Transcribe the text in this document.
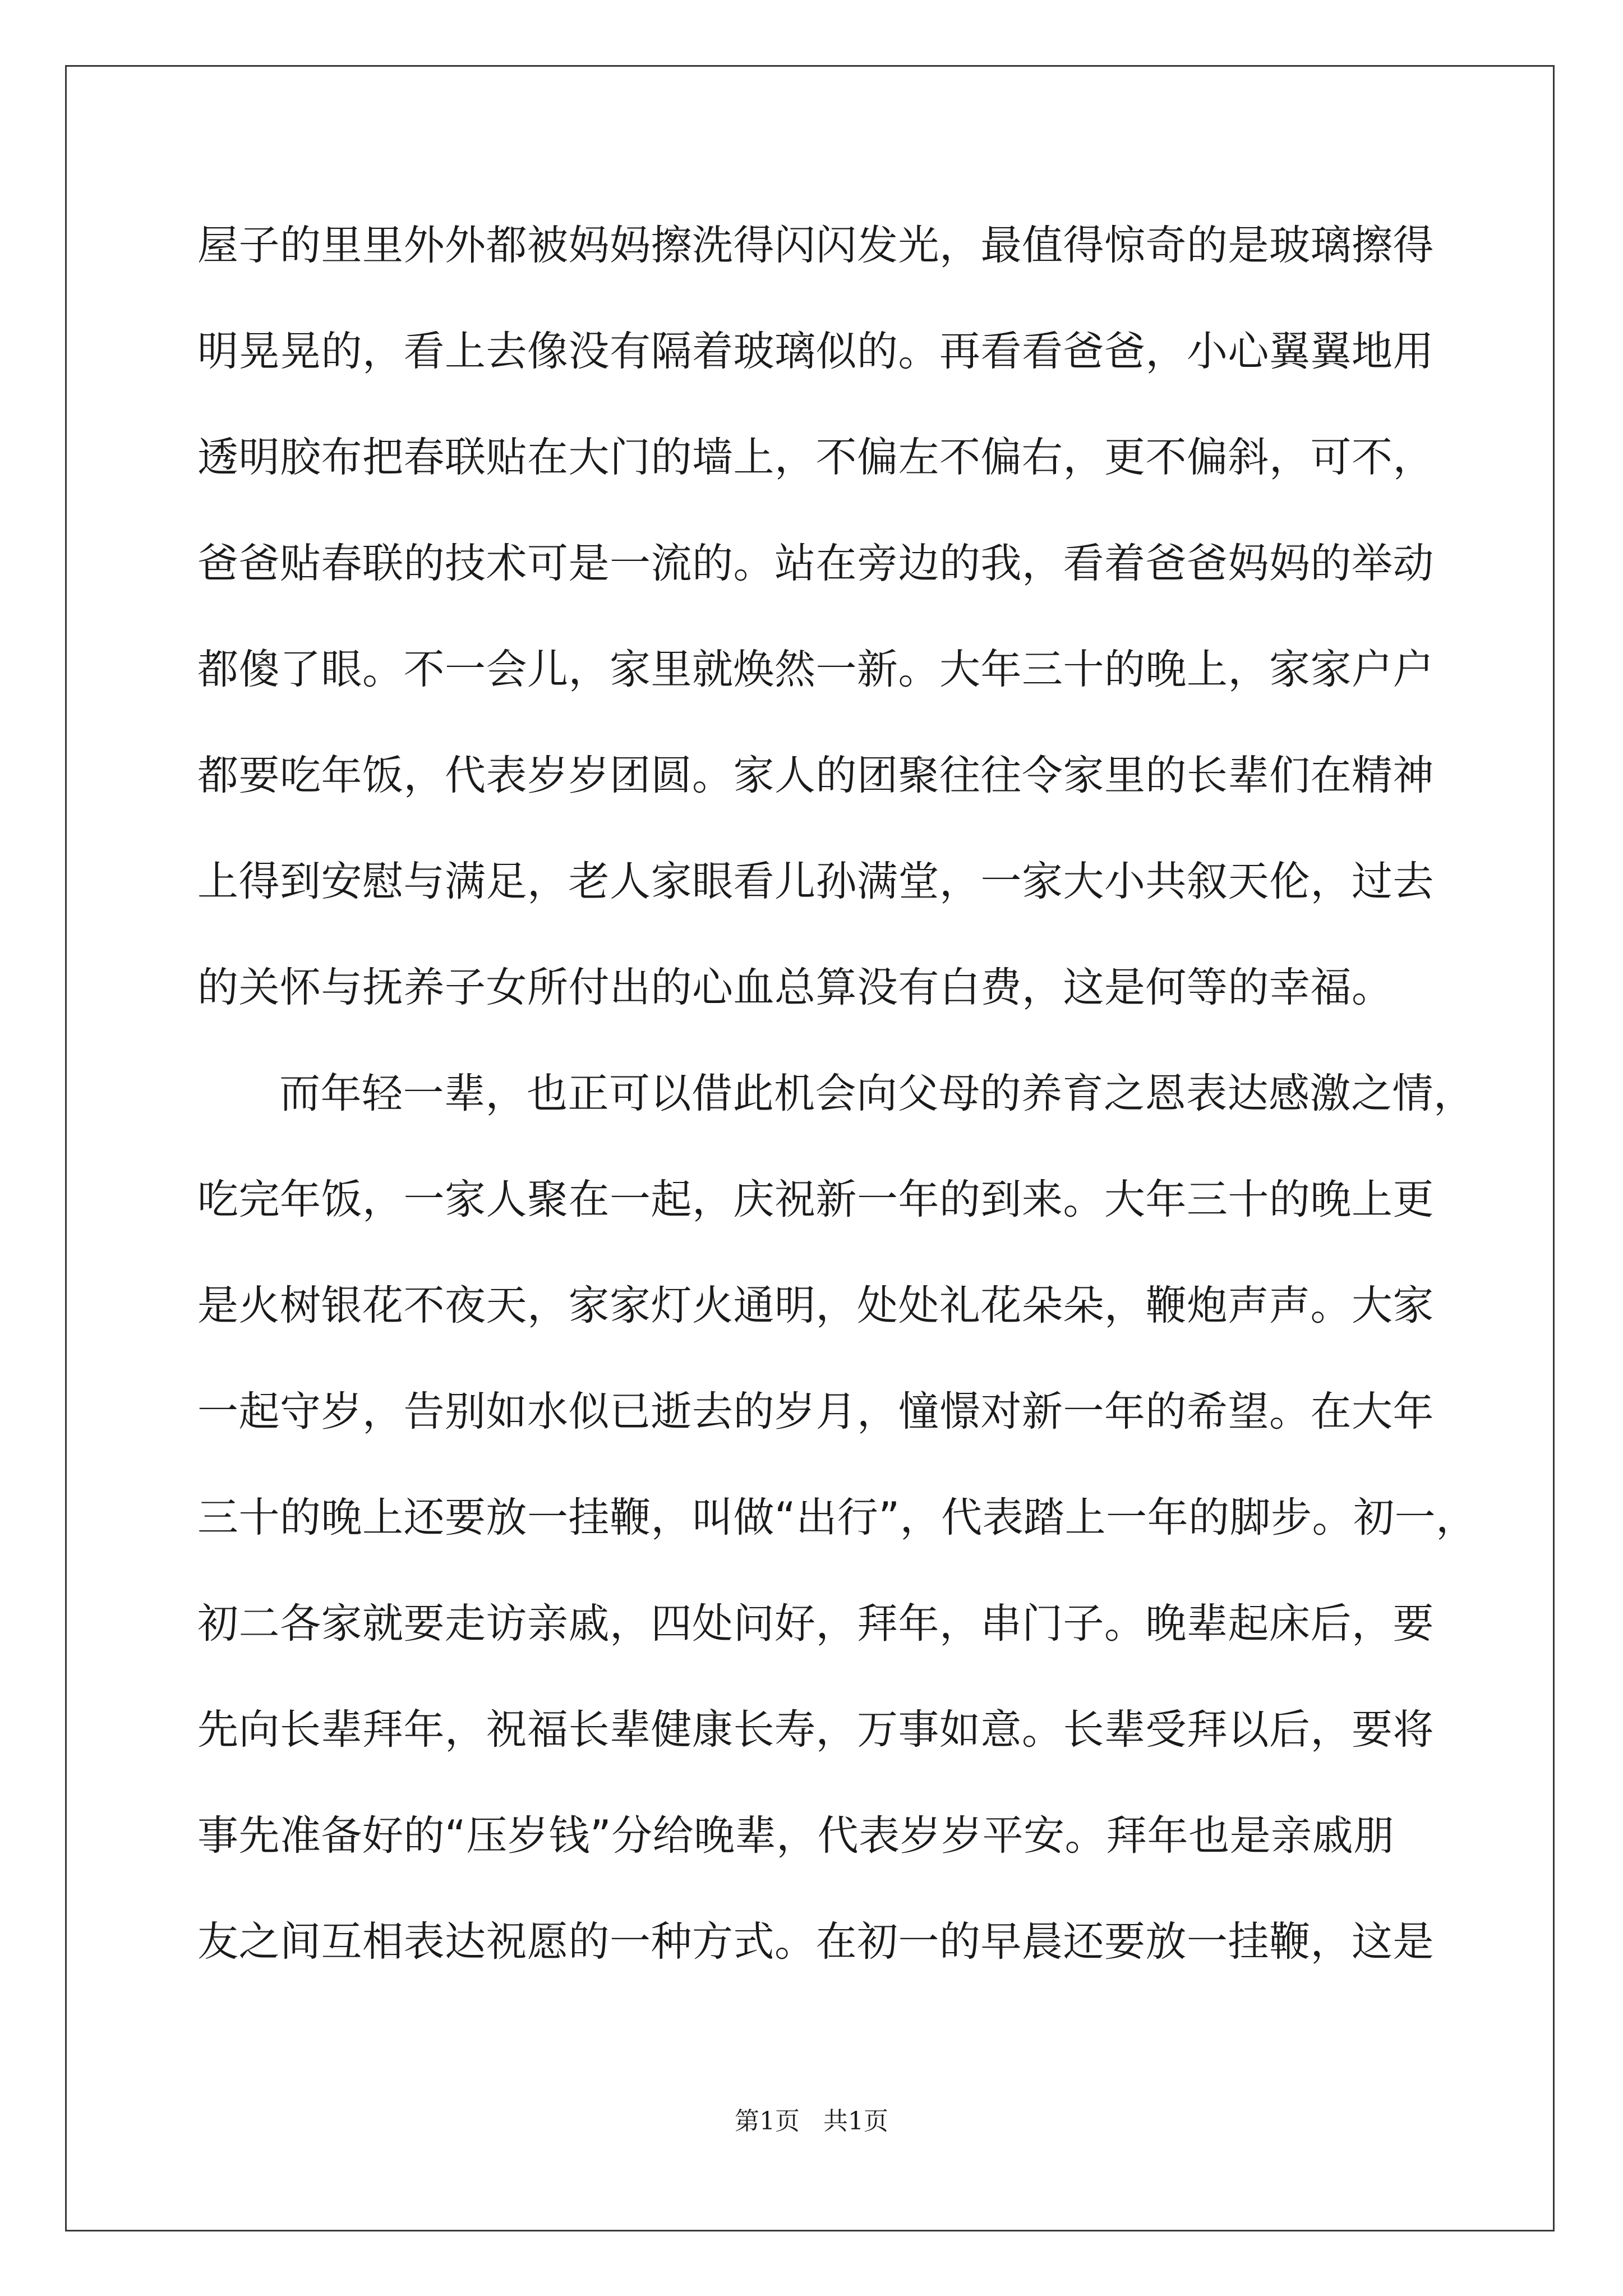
屋子的里里外外都被妈妈擦洗得闪闪发光，最值得惊奇的是玻璃擦得
明晃晃的，看上去像没有隔着玻璃似的。再看看爸爸，小心翼翼地用
透明胶布把春联贴在大门的墙上，不偏左不偏右，更不偏斜，可不，
爸爸贴春联的技术可是一流的。站在旁边的我，看着爸爸妈妈的举动
都傻了眼。不一会儿，家里就焕然一新。大年三十的晚上，家家户户
都要吃年饭，代表岁岁团圆。家人的团聚往往令家里的长辈们在精神
上得到安慰与满足，老人家眼看儿孙满堂，一家大小共叙天伦，过去
的关怀与抚养子女所付出的心血总算没有白费，这是何等的幸福。
而年轻一辈，也正可以借此机会向父母的养育之恩表达感激之情，
吃完年饭，一家人聚在一起，庆祝新一年的到来。大年三十的晚上更
是火树银花不夜天，家家灯火通明，处处礼花朵朵，鞭炮声声。大家
一起守岁，告别如水似已逝去的岁月，憧憬对新一年的希望。在大年
三十的晚上还要放一挂鞭，叫做“出行”，代表踏上一年的脚步。初一，
初二各家就要走访亲戚，四处问好，拜年，串门子。晚辈起床后，要
先向长辈拜年，祝福长辈健康长寿，万事如意。长辈受拜以后，要将
事先准备好的“压岁钱”分给晚辈，代表岁岁平安。拜年也是亲戚朋
友之间互相表达祝愿的一种方式。在初一的早晨还要放一挂鞭，这是
第1页   共1页
